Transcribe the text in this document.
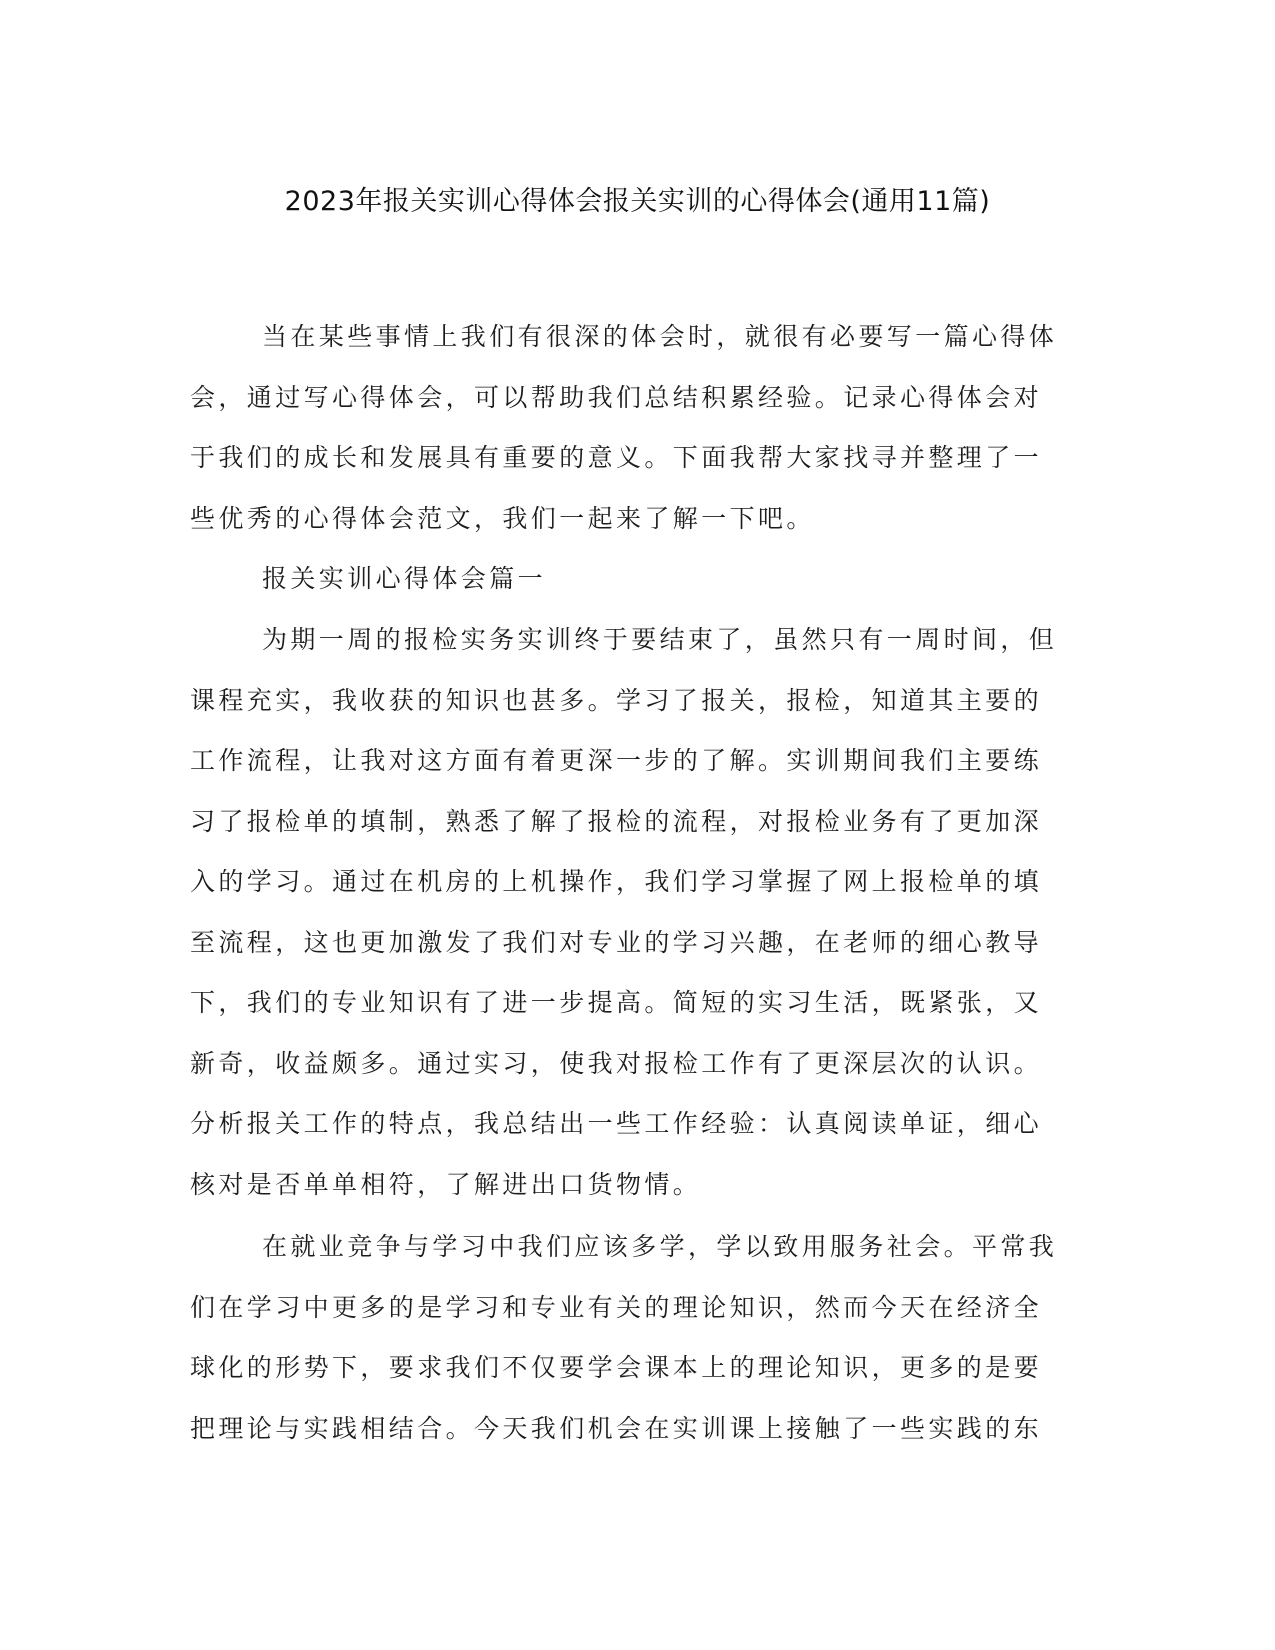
2023年报关实训心得体会报关实训的心得体会(通用11篇)
当在某些事情上我们有很深的体会时，就很有必要写一篇心得体
会，通过写心得体会，可以帮助我们总结积累经验。记录心得体会对
于我们的成长和发展具有重要的意义。下面我帮大家找寻并整理了一
些优秀的心得体会范文，我们一起来了解一下吧。
报关实训心得体会篇一
为期一周的报检实务实训终于要结束了，虽然只有一周时间，但
课程充实，我收获的知识也甚多。学习了报关，报检，知道其主要的
工作流程，让我对这方面有着更深一步的了解。实训期间我们主要练
习了报检单的填制，熟悉了解了报检的流程，对报检业务有了更加深
入的学习。通过在机房的上机操作，我们学习掌握了网上报检单的填
至流程，这也更加激发了我们对专业的学习兴趣，在老师的细心教导
下，我们的专业知识有了进一步提高。简短的实习生活，既紧张，又
新奇，收益颇多。通过实习，使我对报检工作有了更深层次的认识。
分析报关工作的特点，我总结出一些工作经验：认真阅读单证，细心
核对是否单单相符，了解进出口货物情。
在就业竞争与学习中我们应该多学，学以致用服务社会。平常我
们在学习中更多的是学习和专业有关的理论知识，然而今天在经济全
球化的形势下，要求我们不仅要学会课本上的理论知识，更多的是要
把理论与实践相结合。今天我们机会在实训课上接触了一些实践的东
